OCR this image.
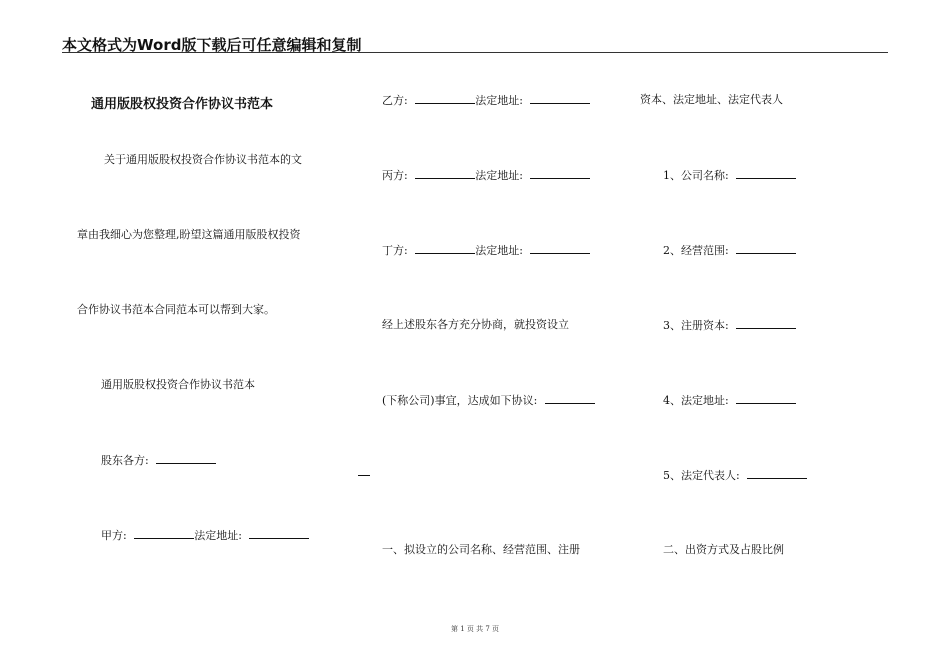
本文格式为Word版下载后可任意编辑和复制
通用版股权投资合作协议书范本
关于通用版股权投资合作协议书范本的文
章由我细心为您整理,盼望这篇通用版股权投资
合作协议书范本合同范本可以帮到大家。
通用版股权投资合作协议书范本
股东各方:
甲方:	法定地址:
乙方:	法定地址:
丙方:	法定地址:
丁方:	法定地址:
经上述股东各方充分协商，就投资设立
(下称公司)事宜，达成如下协议:
一、拟设立的公司名称、经营范围、注册
资本、法定地址、法定代表人
1、公司名称:
2、经营范围:
3、注册资本:
4、法定地址:
5、法定代表人:
二、出资方式及占股比例
第 1 页 共 7 页
